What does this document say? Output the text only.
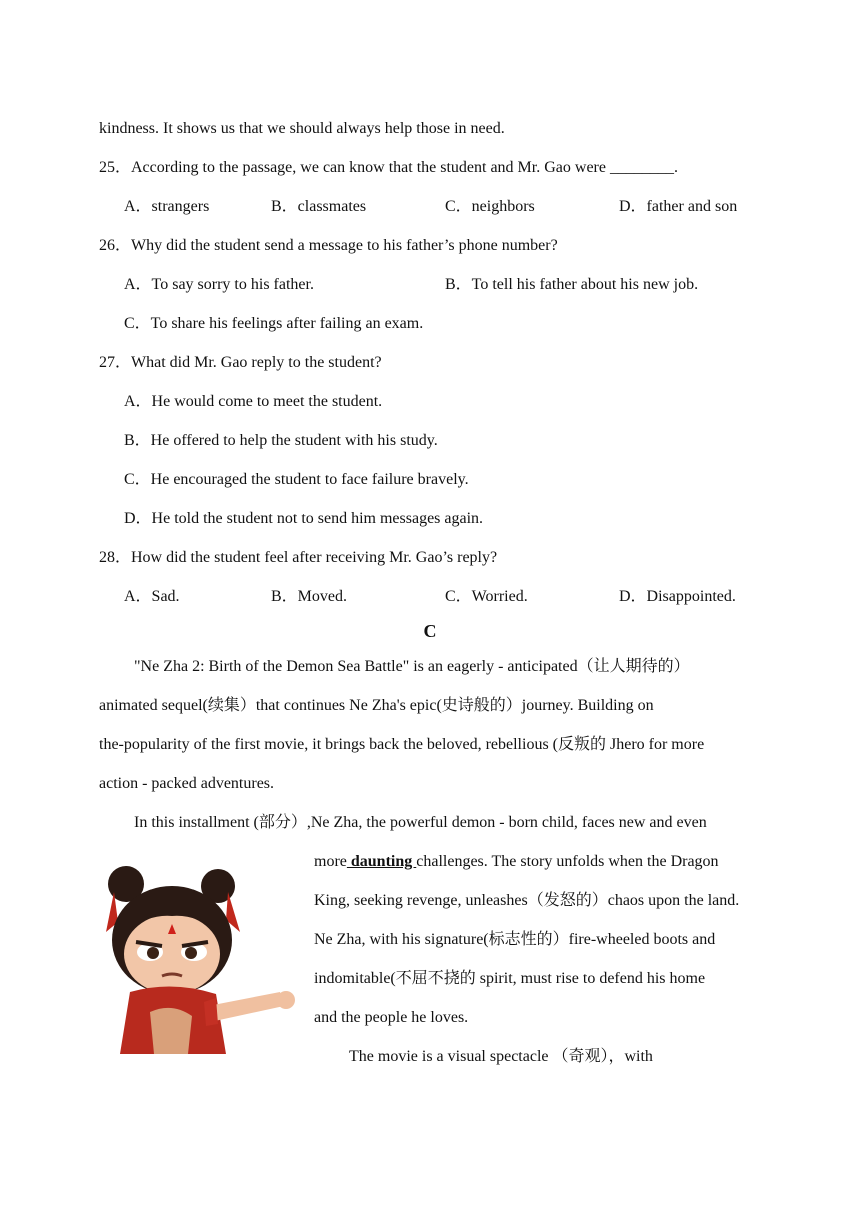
kindness. It shows us that we should always help those in need.
25．According to the passage, we can know that the student and Mr. Gao were ________.
A．strangers	B．classmates	C．neighbors	D．father and son
26．Why did the student send a message to his father’s phone number?
A．To say sorry to his father.	B．To tell his father about his new job.
C．To share his feelings after failing an exam.
27．What did Mr. Gao reply to the student?
A．He would come to meet the student.
B．He offered to help the student with his study.
C．He encouraged the student to face failure bravely.
D．He told the student not to send him messages again.
28．How did the student feel after receiving Mr. Gao’s reply?
A．Sad.	B．Moved.	C．Worried.	D．Disappointed.
C
"Ne Zha 2: Birth of the Demon Sea Battle" is an eagerly - anticipated（让人期待的）
animated sequel(续集）that continues Ne Zha's epic(史诗般的）journey. Building on
the-popularity of the first movie, it brings back the beloved, rebellious (反叛的 Jhero for more
action - packed adventures.
In this installment (部分）,Ne Zha, the powerful demon - born child, faces new and even
more daunting challenges. The story unfolds when the Dragon
King, seeking revenge, unleashes（发怒的）chaos upon the land.
Ne Zha, with his signature(标志性的）fire-wheeled boots and
indomitable(不屈不挠的 spirit, must rise to defend his home
and the people he loves.
The movie is a visual spectacle （奇观），with
